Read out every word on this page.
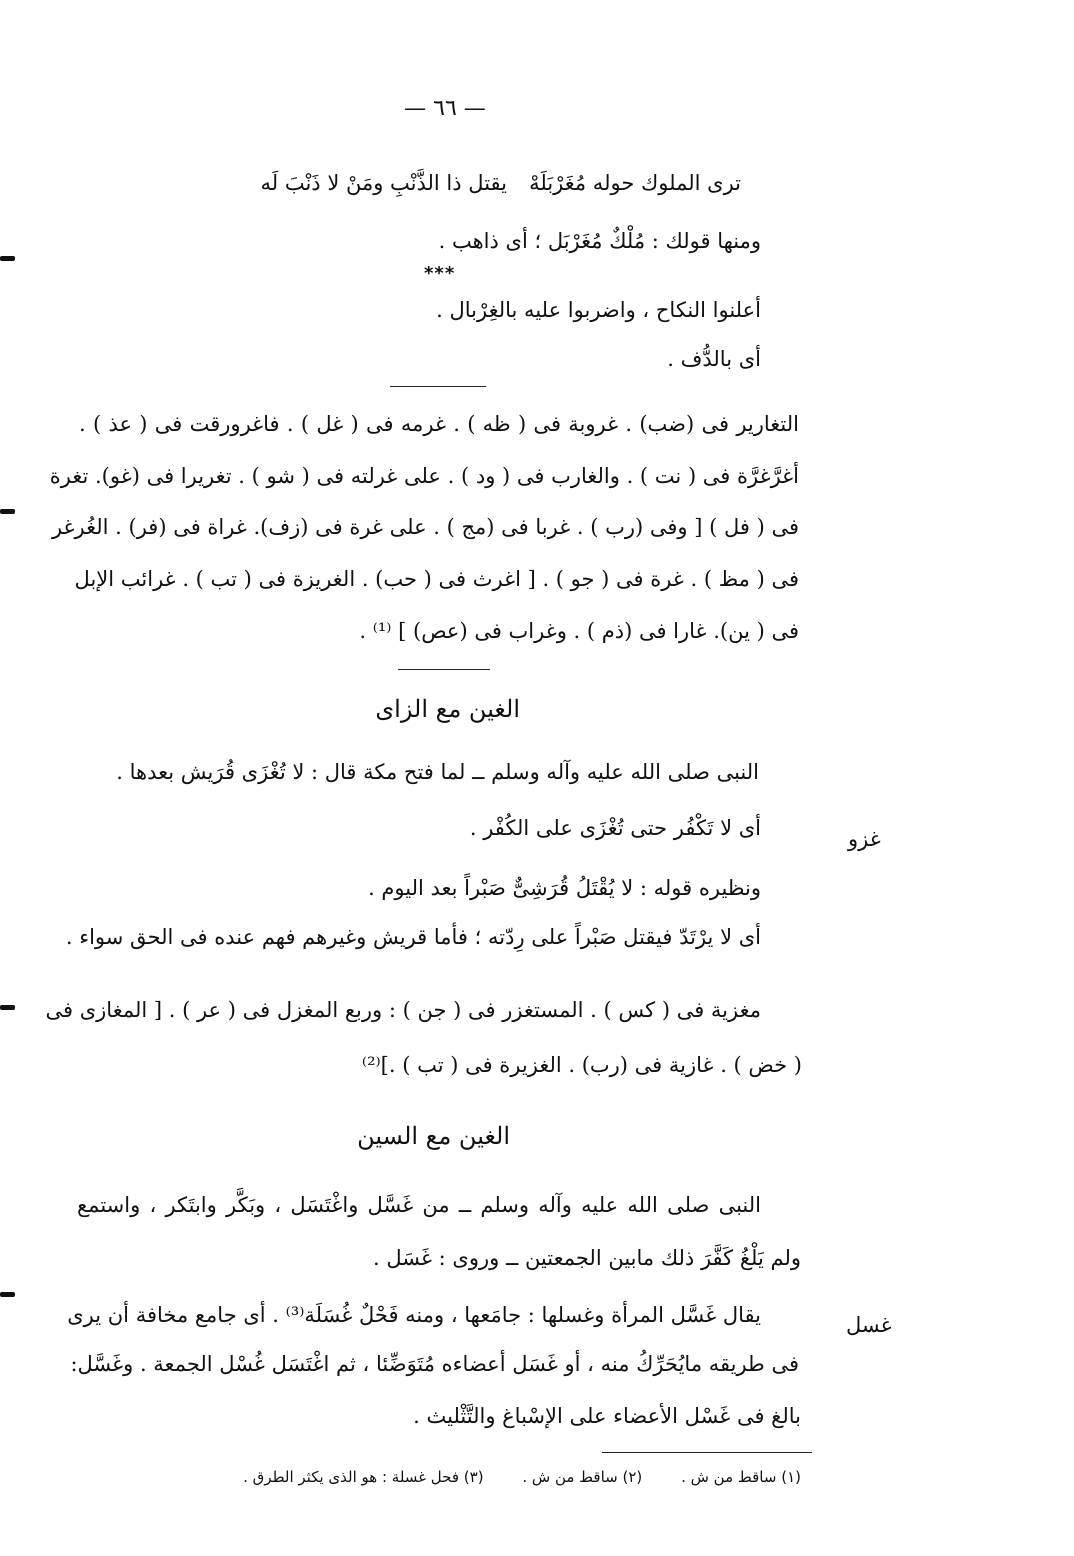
— ٦٦ —
ترى الملوك حوله مُغَرْبَلَهْ
يقتل ذا الذَّنْبِ ومَنْ لا ذَنْبَ لَه
ومنها قولك : مُلْكٌ مُغَرْبَل ؛ أى ذاهب .
***
أعلنوا النكاح ، واضربوا عليه بالغِرْبال .
أى بالدُّف .
التغارير فى (ضب) . غروبة فى ( ظه ) . غرمه فى ( غل ) . فاغرورقت فى ( عذ ) .
أغرَّغرَّة فى ( نت ) . والغارب فى ( ود ) . على غرلته فى ( شو ) . تغريرا فى (غو). تغرة
فى ( فل ) [ وفى (رب ) . غربا فى (مج ) . على غرة فى (زف). غراة فى (فر) . الغُرغر
فى ( مظ ) . غرة فى ( جو ) . [ اغرث فى ( حب) . الغريزة فى ( تب ) . غرائب الإبل
فى ( ين). غارا فى (ذم ) . وغراب فى (عص) ] ⁽¹⁾ .
الغين مع الزاى
النبى صلى الله عليه وآله وسلم ــ لما فتح مكة قال : لا تُغْزَى قُرَيش بعدها .
أى لا تَكْفُر حتى تُغْزَى على الكُفْر .
ونظيره قوله : لا يُقْتَلُ قُرَشِىٌّ صَبْراً بعد اليوم .
أى لا يرْتَدّ فيقتل صَبْراً على رِدّته ؛ فأما قريش وغيرهم فهم عنده فى الحق سواء .
غزو
مغزية فى ( كس ) . المستغزر فى ( جن ) : وربع المغزل فى ( عر ) . [ المغازى فى
( خض ) . غازية فى (رب) . الغزيرة فى ( تب ) .]⁽²⁾
الغين مع السين
النبى صلى الله عليه وآله وسلم ــ من غَسَّل واغْتَسَل ، وبَكَّر وابتَكر ، واستمع
ولم يَلْغُ كَفَّرَ ذلك مابين الجمعتين ــ وروى : غَسَل .
يقال غَسَّل المرأة وغسلها : جامَعها ، ومنه فَحْلٌ غُسَلَة⁽³⁾ . أى جامع مخافة أن يرى
فى طريقه مايُحَرِّكُ منه ، أو غَسَل أعضاءه مُتَوَضِّئا ، ثم اغْتَسَل غُسْل الجمعة . وغَسَّل:
بالغ فى غَسْل الأعضاء على الإسْباغ والتَّثْليث .
غسل
(١) ساقط من ش . (٢) ساقط من ش . (٣) فحل غسلة : هو الذى يكثر الطرق .
